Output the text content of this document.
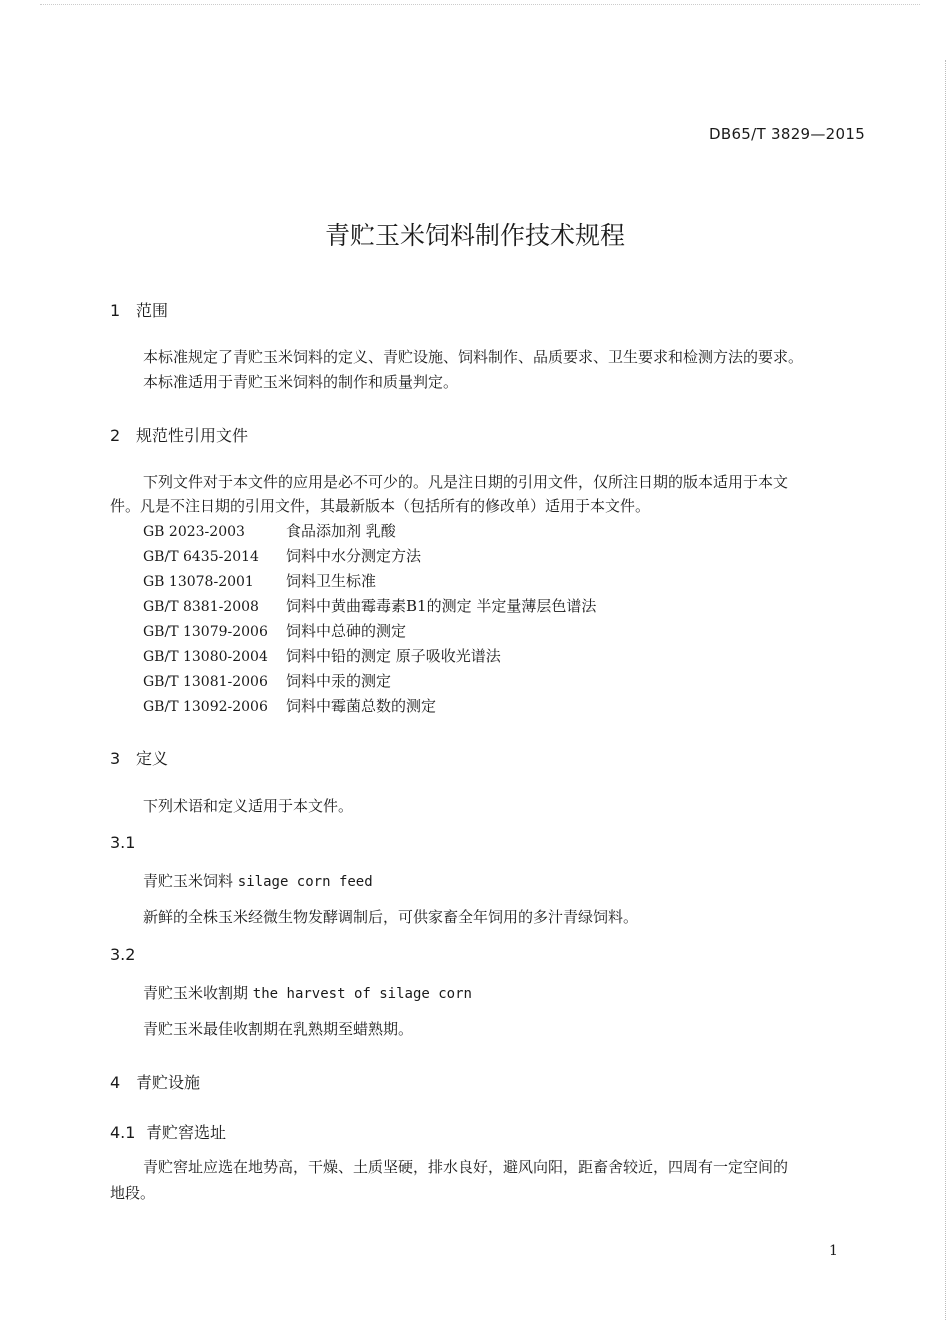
DB65/T 3829—2015
青贮玉米饲料制作技术规程
1 范围
本标准规定了青贮玉米饲料的定义、青贮设施、饲料制作、品质要求、卫生要求和检测方法的要求。
本标准适用于青贮玉米饲料的制作和质量判定。
2 规范性引用文件
下列文件对于本文件的应用是必不可少的。凡是注日期的引用文件，仅所注日期的版本适用于本文
件。凡是不注日期的引用文件，其最新版本（包括所有的修改单）适用于本文件。
GB 2023-2003	食品添加剂 乳酸
GB/T 6435-2014 饲料中水分测定方法
GB 13078-2001 饲料卫生标准
GB/T 8381-2008 饲料中黄曲霉毒素B1的测定 半定量薄层色谱法
GB/T 13079-2006 饲料中总砷的测定
GB/T 13080-2004 饲料中铅的测定 原子吸收光谱法
GB/T 13081-2006 饲料中汞的测定
GB/T 13092-2006 饲料中霉菌总数的测定
3 定义
下列术语和定义适用于本文件。
3.1
青贮玉米饲料 silage corn feed
新鲜的全株玉米经微生物发酵调制后，可供家畜全年饲用的多汁青绿饲料。
3.2
青贮玉米收割期 the harvest of silage corn
青贮玉米最佳收割期在乳熟期至蜡熟期。
4 青贮设施
4.1 青贮窖选址
青贮窖址应选在地势高，干燥、土质坚硬，排水良好，避风向阳，距畜舍较近，四周有一定空间的
地段。
1
